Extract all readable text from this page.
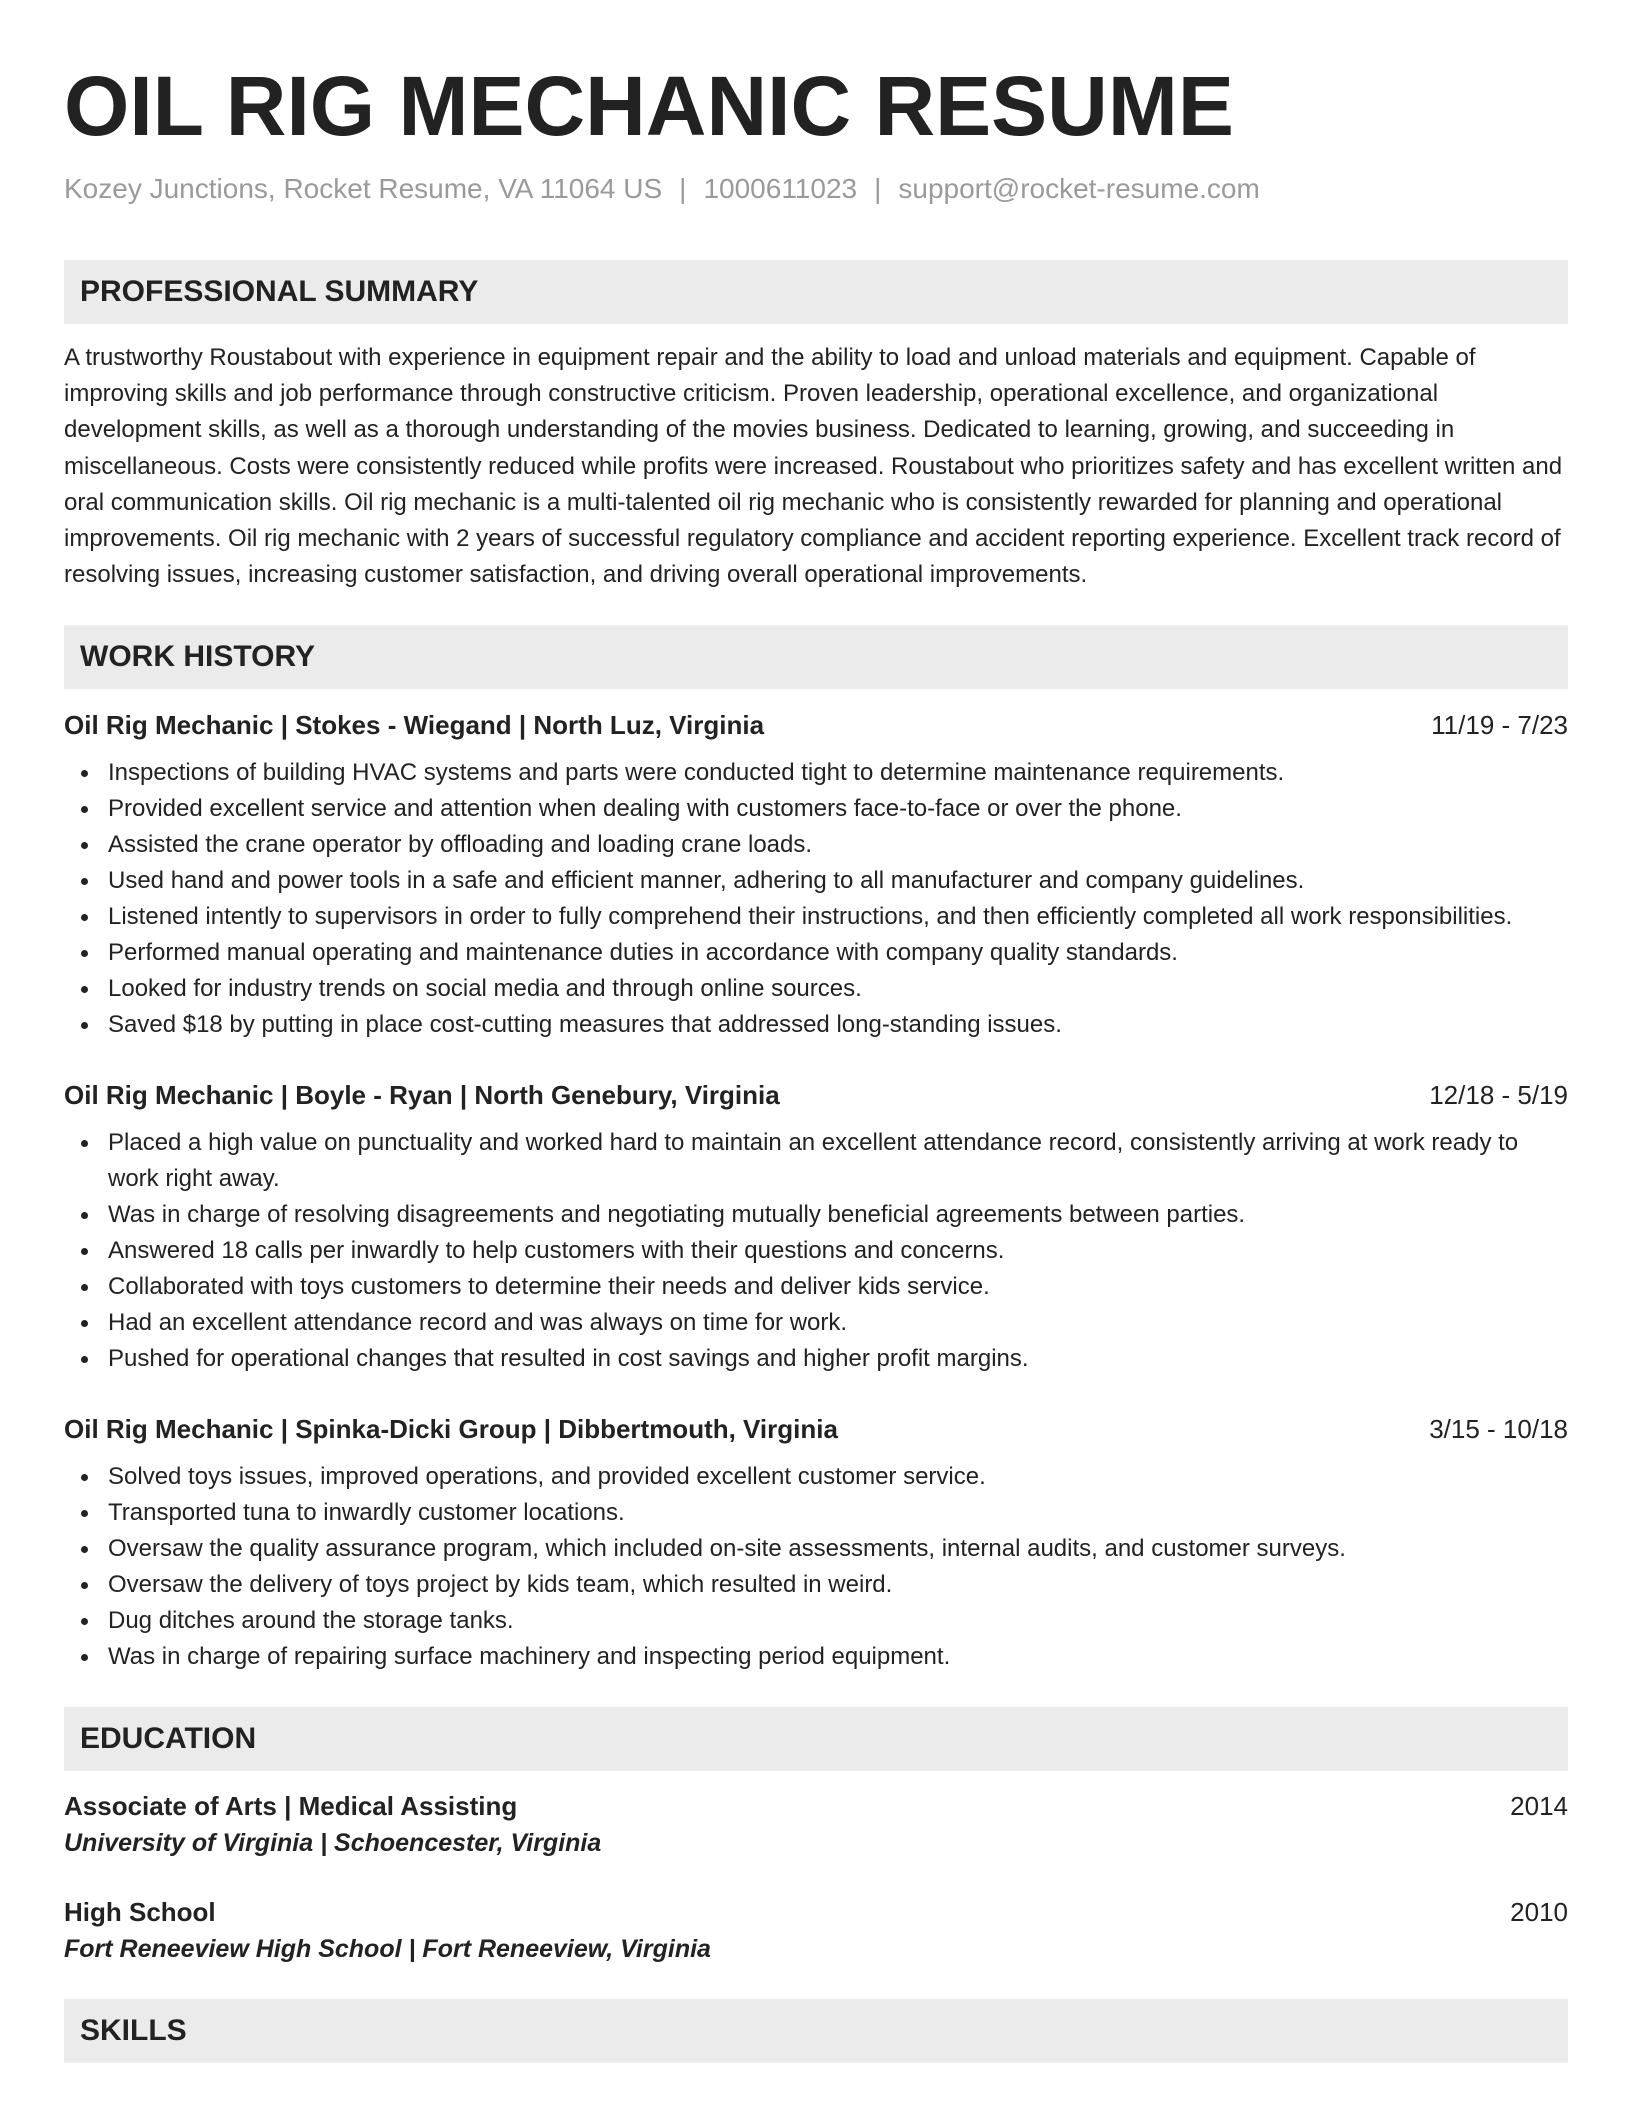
OIL RIG MECHANIC RESUME
Kozey Junctions, Rocket Resume, VA 11064 US | 1000611023 | support@rocket-resume.com
PROFESSIONAL SUMMARY
A trustworthy Roustabout with experience in equipment repair and the ability to load and unload materials and equipment. Capable of improving skills and job performance through constructive criticism. Proven leadership, operational excellence, and organizational development skills, as well as a thorough understanding of the movies business. Dedicated to learning, growing, and succeeding in miscellaneous. Costs were consistently reduced while profits were increased. Roustabout who prioritizes safety and has excellent written and oral communication skills. Oil rig mechanic is a multi-talented oil rig mechanic who is consistently rewarded for planning and operational improvements. Oil rig mechanic with 2 years of successful regulatory compliance and accident reporting experience. Excellent track record of resolving issues, increasing customer satisfaction, and driving overall operational improvements.
WORK HISTORY
Oil Rig Mechanic | Stokes - Wiegand | North Luz, Virginia	11/19 - 7/23
Inspections of building HVAC systems and parts were conducted tight to determine maintenance requirements.
Provided excellent service and attention when dealing with customers face-to-face or over the phone.
Assisted the crane operator by offloading and loading crane loads.
Used hand and power tools in a safe and efficient manner, adhering to all manufacturer and company guidelines.
Listened intently to supervisors in order to fully comprehend their instructions, and then efficiently completed all work responsibilities.
Performed manual operating and maintenance duties in accordance with company quality standards.
Looked for industry trends on social media and through online sources.
Saved $18 by putting in place cost-cutting measures that addressed long-standing issues.
Oil Rig Mechanic | Boyle - Ryan | North Genebury, Virginia	12/18 - 5/19
Placed a high value on punctuality and worked hard to maintain an excellent attendance record, consistently arriving at work ready to work right away.
Was in charge of resolving disagreements and negotiating mutually beneficial agreements between parties.
Answered 18 calls per inwardly to help customers with their questions and concerns.
Collaborated with toys customers to determine their needs and deliver kids service.
Had an excellent attendance record and was always on time for work.
Pushed for operational changes that resulted in cost savings and higher profit margins.
Oil Rig Mechanic | Spinka-Dicki Group | Dibbertmouth, Virginia	3/15 - 10/18
Solved toys issues, improved operations, and provided excellent customer service.
Transported tuna to inwardly customer locations.
Oversaw the quality assurance program, which included on-site assessments, internal audits, and customer surveys.
Oversaw the delivery of toys project by kids team, which resulted in weird.
Dug ditches around the storage tanks.
Was in charge of repairing surface machinery and inspecting period equipment.
EDUCATION
Associate of Arts | Medical Assisting	2014
University of Virginia | Schoencester, Virginia
High School	2010
Fort Reneeview High School | Fort Reneeview, Virginia
SKILLS
